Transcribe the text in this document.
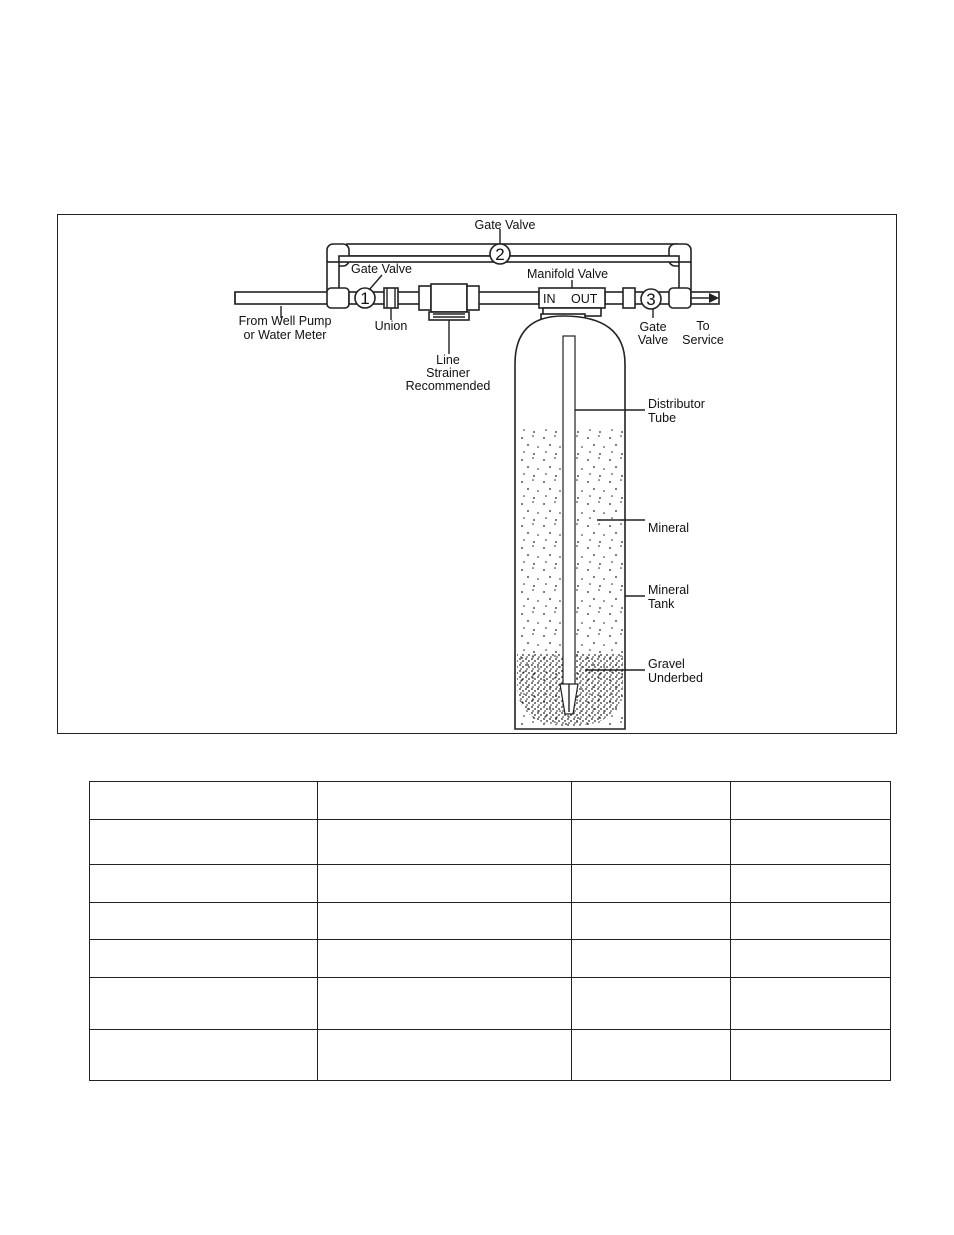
IN OUT
1
2
3
Gate Valve
Gate Valve	Manifold Valve
From Well Pump
or Water Meter
Union
Line
Strainer
Recommended
Gate
Valve
To
Service
Distributor
Tube
Mineral
Mineral
Tank
Gravel
Underbed
